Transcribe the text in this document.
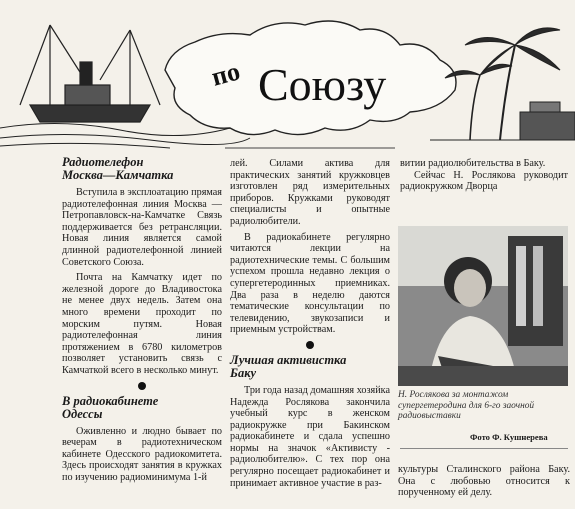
по Союзу
Радиотелефон
Москва—Камчатка

Вступила в эксплоатацию прямая радиотелефонная линия Москва — Петропавловск-на-Камчатке Связь поддерживается без ретрансляции. Новая линия является самой длинной радиотелефонной линией Советского Союза.

Почта на Камчатку идет по железной дороге до Владивостока не менее двух недель. Затем она много времени проходит по морским путям. Новая радиотелефонная линия протяжением в 6780 километров позволяет установить связь с Камчаткой всего в несколько минут.

В радиокабинете
Одессы

Оживленно и людно бывает по вечерам в радиотехническом кабинете Одесского радиокомитета. Здесь происходят занятия в кружках по изучению радиоминимума 1-й

лей. Силами актива для практических занятий кружковцев изготовлен ряд измерительных приборов. Кружками руководят специалисты и опытные радиолюбители.

В радиокабинете регулярно читаются лекции на радиотехнические темы. С большим успехом прошла недавно лекция о супергетеродинных приемниках. Два раза в неделю даются тематические консультации по телевидению, звукозаписи и приемным устройствам.

Лучшая активистка
Баку

Три года назад домашняя хозяйка Надежда Рослякова закончила учебный курс в женском радиокружке при Бакинском радиокабинете и сдала успешно нормы на значок «Активисту - радиолюбителю». С тех пор она регулярно посещает радиокабинет и принимает активное участие в раз-

витии радиолюбительства в Баку.

Сейчас Н. Рослякова руководит радиокружком Дворца

Н. Рослякова за монтажом супергетеродина для 6-го заочной радиовыставки
Фото Ф. Кушнерева

культуры Сталинского района Баку. Она с любовью относится к порученному ей делу.
